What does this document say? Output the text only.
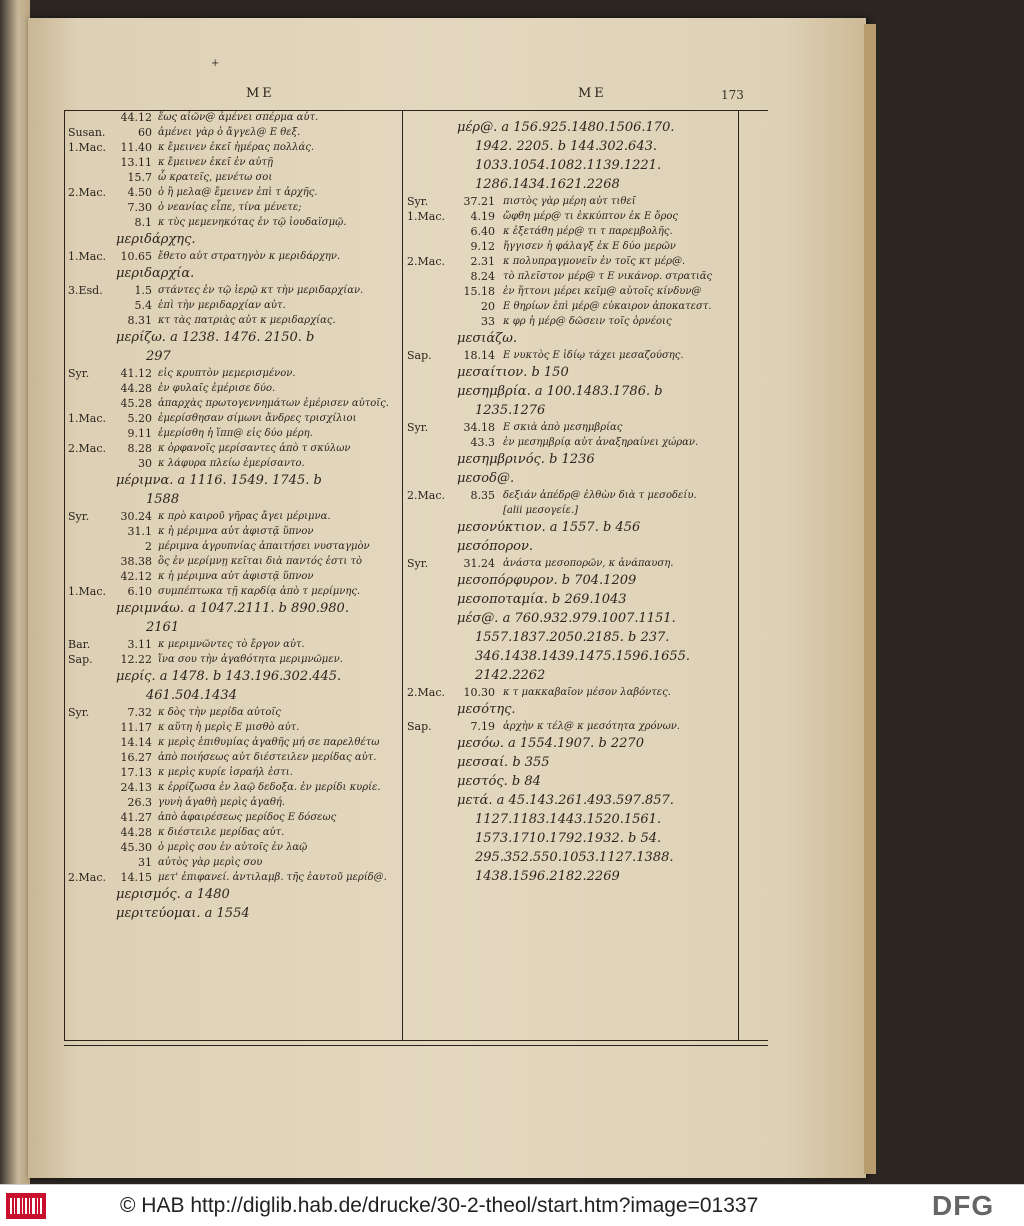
+
ΜΕ	ΜΕ	173
44.12 ἕως αἰῶν@ ἀμένει σπέρμα αὐτ.
Susan.	60 ἀμένει γὰρ ὁ ἄγγελ@ Ε θεξ.
1.Mac.	11.40 κ ἔμεινεν ἐκεῖ ἡμέρας πολλάς.
13.11 κ ἔμεινεν ἐκεῖ ἐν αὐτῇ
15.7 ὦ κρατεῖς, μενέτω σοι
2.Mac.	4.50 ὁ ἢ μελα@ ἔμεινεν ἐπὶ τ ἀρχῆς.
7.30 ὁ νεανίας εἶπε, τίνα μένετε;
8.1 κ τὺς μεμενηκότας ἐν τῷ ἰουδαϊσμῷ.
μεριδάρχης.
1.Mac.	10.65 ἔθετο αὐτ στρατηγὸν κ μεριδάρχην.
μεριδαρχία.
3.Esd.	1.5 στάντες ἐν τῷ ἱερῷ κτ τὴν μεριδαρχίαν.
5.4 ἐπὶ τὴν μεριδαρχίαν αὐτ.
8.31 κτ τὰς πατριὰς αὐτ κ μεριδαρχίας.
μερίζω. a 1238. 1476. 2150. b
297
Syr.	41.12 εἰς κρυπτὸν μεμερισμένον.
44.28 ἐν φυλαῖς ἐμέρισε δύο.
45.28 ἀπαρχὰς πρωτογεννημάτων ἐμέρισεν αὐτοῖς.
1.Mac.	5.20 ἐμερίσθησαν σίμωνι ἄνδρες τρισχίλιοι
9.11 ἐμερίσθη ἡ ἵππ@ εἰς δύο μέρη.
2.Mac.	8.28 κ ὀρφανοῖς μερίσαντες ἀπὸ τ σκύλων
30 κ λάφυρα πλείω ἐμερίσαντο.
μέριμνα. a 1116. 1549. 1745. b
1588
Syr.	30.24 κ πρὸ καιροῦ γῆρας ἄγει μέριμνα.
31.1 κ ἡ μέριμνα αὐτ ἀφιστᾷ ὕπνον
2 μέριμνα ἀγρυπνίας ἀπαιτήσει νυσταγμὸν
38.38 ὃς ἐν μερίμνῃ κεῖται διὰ παντός ἐστι τὸ
42.12 κ ἡ μέριμνα αὐτ ἀφιστᾷ ὕπνον
1.Mac.	6.10 συμπέπτωκα τῇ καρδίᾳ ἀπὸ τ μερίμνης.
μεριμνάω. a 1047.2111. b 890.980.
2161
Bar.	3.11 κ μεριμνῶντες τὸ ἔργον αὐτ.
Sap.	12.22 ἵνα σου τὴν ἀγαθότητα μεριμνῶμεν.
μερίς. a 1478. b 143.196.302.445.
461.504.1434
Syr.	7.32 κ δὸς τὴν μερίδα αὐτοῖς
11.17 κ αὕτη ἡ μερὶς Ε μισθὸ αὐτ.
14.14 κ μερὶς ἐπιθυμίας ἀγαθῆς μή σε παρελθέτω
16.27 ἀπὸ ποιήσεως αὐτ διέστειλεν μερίδας αὐτ.
17.13 κ μερὶς κυρίε ἰσραήλ ἐστι.
24.13 κ ἐρρίζωσα ἐν λαῷ δεδοξα. ἐν μερίδι κυρίε.
26.3 γυνὴ ἀγαθὴ μερὶς ἀγαθή.
41.27 ἀπὸ ἀφαιρέσεως μερίδος Ε δόσεως
44.28 κ διέστειλε μερίδας αὐτ.
45.30 ὁ μερὶς σου ἐν αὐτοῖς ἐν λαῷ
31 αὐτὸς γὰρ μερὶς σου
2.Mac.	14.15 μετ' ἐπιφανεί. ἀντιλαμβ. τῆς ἑαυτοῦ μερίδ@.
μερισμός. a 1480
μεριτεύομαι. a 1554
μέρ@. a 156.925.1480.1506.170.
1942. 2205. b 144.302.643.
1033.1054.1082.1139.1221.
1286.1434.1621.2268
Syr.	37.21 πιστὸς γὰρ μέρη αὐτ τιθεῖ
1.Mac.	4.19 ὤφθη μέρ@ τι ἐκκύπτον ἐκ Ε ὄρος
6.40 κ ἐξετάθη μέρ@ τι τ παρεμβολῆς.
9.12 ἤγγισεν ἡ φάλαγξ ἐκ Ε δύο μερῶν
2.Mac.	2.31 κ πολυπραγμονεῖν ἐν τοῖς κτ μέρ@.
8.24 τὸ πλεῖστον μέρ@ τ Ε νικάνορ. στρατιᾶς
15.18 ἐν ἥττονι μέρει κεῖμ@ αὐτοῖς κίνδυν@
20 Ε θηρίων ἐπὶ μέρ@ εὐκαιρον ἀποκατεστ.
33 κ φρ ἡ μέρ@ δῶσειν τοῖς ὀρνέοις
μεσιάζω.
Sap.	18.14 Ε νυκτὸς Ε ἰδίῳ τάχει μεσαζούσης.
μεσαίτιον. b 150
μεσημβρία. a 100.1483.1786. b
1235.1276
Syr.	34.18 Ε σκιὰ ἀπὸ μεσημβρίας
43.3 ἐν μεσημβρίᾳ αὐτ ἀναξηραίνει χώραν.
μεσημβρινός. b 1236
μεσοδ@.
2.Mac.	8.35 δεξιάν ἀπέδρ@ ἐλθὼν διὰ τ μεσοδείυ.
[alii μεσογείε.]
μεσονύκτιον. a 1557. b 456
μεσόπορον.
Syr.	31.24 ἀνάστα μεσοπορῶν, κ ἀνάπαυση.
μεσοπόρφυρον. b 704.1209
μεσοποταμία. b 269.1043
μέσ@. a 760.932.979.1007.1151.
1557.1837.2050.2185. b 237.
346.1438.1439.1475.1596.1655.
2142.2262
2.Mac.	10.30 κ τ μακκαβαῖον μέσον λαβόντες.
μεσότης.
Sap.	7.19 ἀρχὴν κ τέλ@ κ μεσότητα χρόνων.
μεσόω. a 1554.1907. b 2270
μεσσαί. b 355
μεστός. b 84
μετά. a 45.143.261.493.597.857.
1127.1183.1443.1520.1561.
1573.1710.1792.1932. b 54.
295.352.550.1053.1127.1388.
1438.1596.2182.2269
© HAB http://diglib.hab.de/drucke/30-2-theol/start.htm?image=01337	DFG
